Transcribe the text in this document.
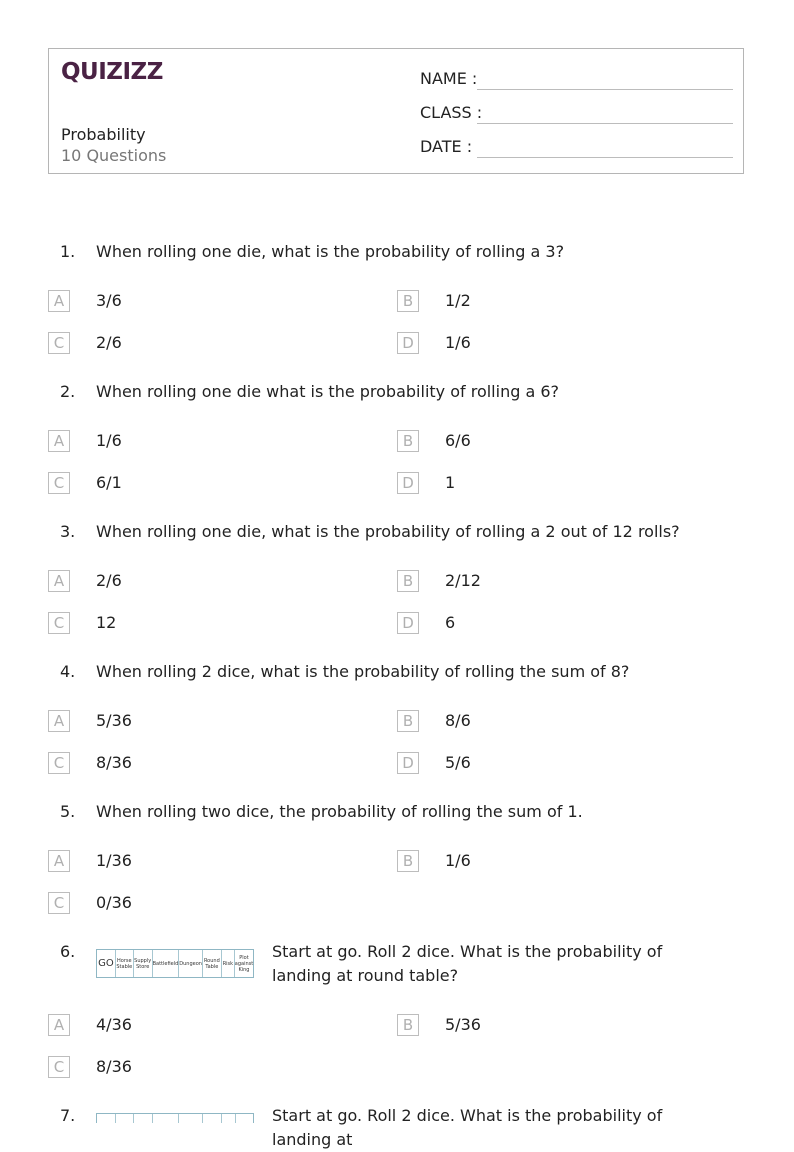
QUIZIZZ
Probability
10 Questions
NAME :
CLASS :
DATE :
1. When rolling one die, what is the probability of rolling a 3?
A	3/6	B	1/2
C	2/6	D	1/6
2. When rolling one die what is the probability of rolling a 6?
A	1/6	B	6/6
C	6/1	D	1
3. When rolling one die, what is the probability of rolling a 2 out of 12 rolls?
A	2/6	B	2/12
C	12	D	6
4. When rolling 2 dice, what is the probability of rolling the sum of 8?
A	5/36	B	8/6
C	8/36	D	5/6
5. When rolling two dice, the probability of rolling the sum of 1.
A	1/36	B	1/6
C	0/36
6.
GO Horse Stable
Supply Store Battlefield Dungeon Round Table Risk
Plot against King
Start at go. Roll 2 dice. What is the probability of landing at round table?
A	4/36	B	5/36
C	8/36
7.	Start at go. Roll 2 dice. What is the probability of landing at
